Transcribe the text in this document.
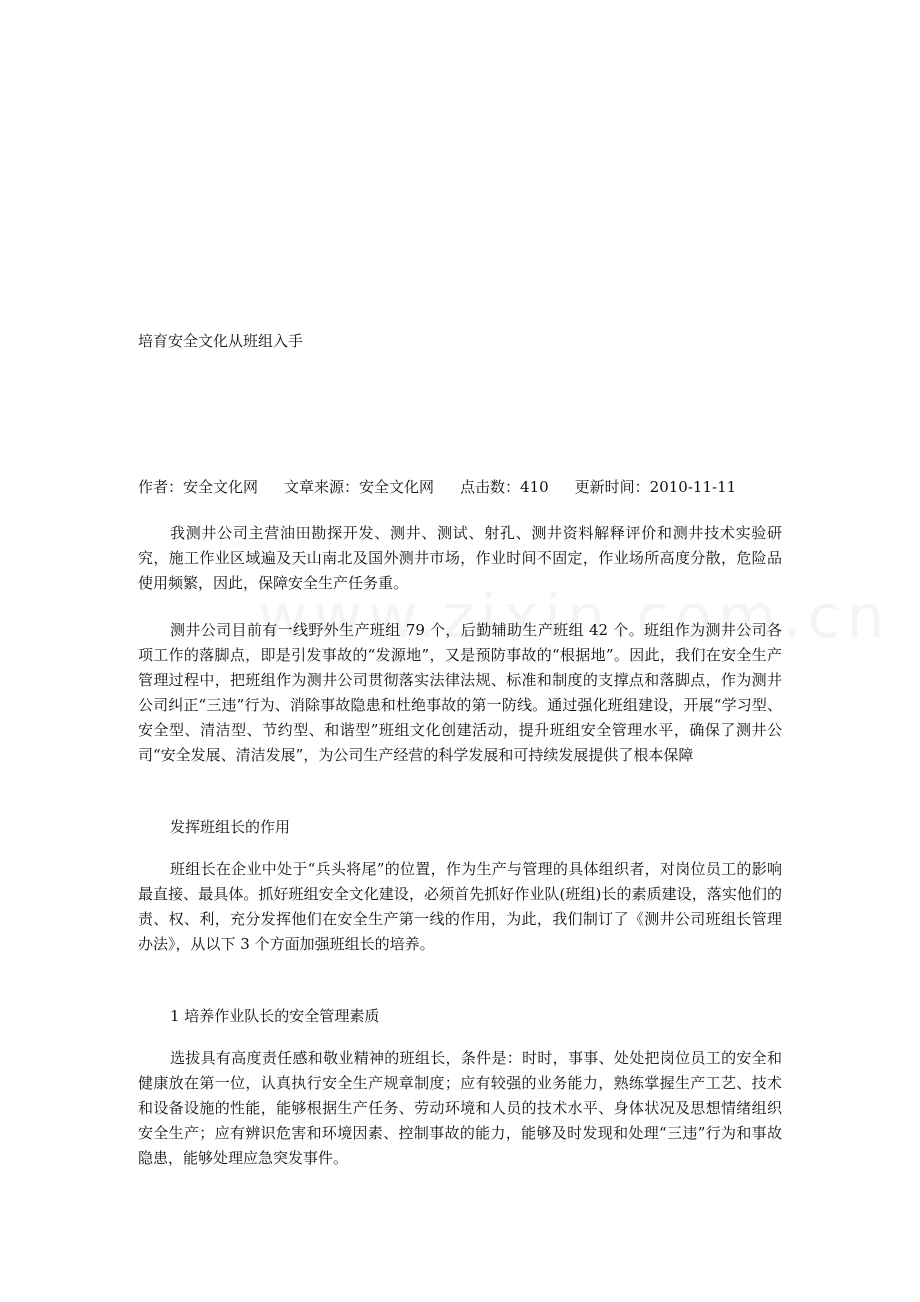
培育安全文化从班组入手
作者：安全文化网 文章来源：安全文化网 点击数：410 更新时间：2010-11-11

我测井公司主营油田勘探开发、测井、测试、射孔、测井资料解释评价和测井技术实验研究，施工作业区域遍及天山南北及国外测井市场，作业时间不固定，作业场所高度分散，危险品使用频繁，因此，保障安全生产任务重。

测井公司目前有一线野外生产班组 79 个，后勤辅助生产班组 42 个。班组作为测井公司各项工作的落脚点，即是引发事故的“发源地”，又是预防事故的“根据地”。因此，我们在安全生产管理过程中，把班组作为测井公司贯彻落实法律法规、标准和制度的支撑点和落脚点，作为测井公司纠正“三违”行为、消除事故隐患和杜绝事故的第一防线。通过强化班组建设，开展“学习型、安全型、清洁型、节约型、和谐型”班组文化创建活动，提升班组安全管理水平，确保了测井公司“安全发展、清洁发展”，为公司生产经营的科学发展和可持续发展提供了根本保障

发挥班组长的作用

班组长在企业中处于“兵头将尾”的位置，作为生产与管理的具体组织者，对岗位员工的影响最直接、最具体。抓好班组安全文化建设，必须首先抓好作业队(班组)长的素质建设，落实他们的责、权、利，充分发挥他们在安全生产第一线的作用，为此，我们制订了《测井公司班组长管理办法》，从以下 3 个方面加强班组长的培养。

1 培养作业队长的安全管理素质

选拔具有高度责任感和敬业精神的班组长，条件是：时时，事事、处处把岗位员工的安全和健康放在第一位，认真执行安全生产规章制度；应有较强的业务能力，熟练掌握生产工艺、技术和设备设施的性能，能够根据生产任务、劳动环境和人员的技术水平、身体状况及思想情绪组织安全生产；应有辨识危害和环境因素、控制事故的能力，能够及时发现和处理“三违”行为和事故隐患，能够处理应急突发事件。
